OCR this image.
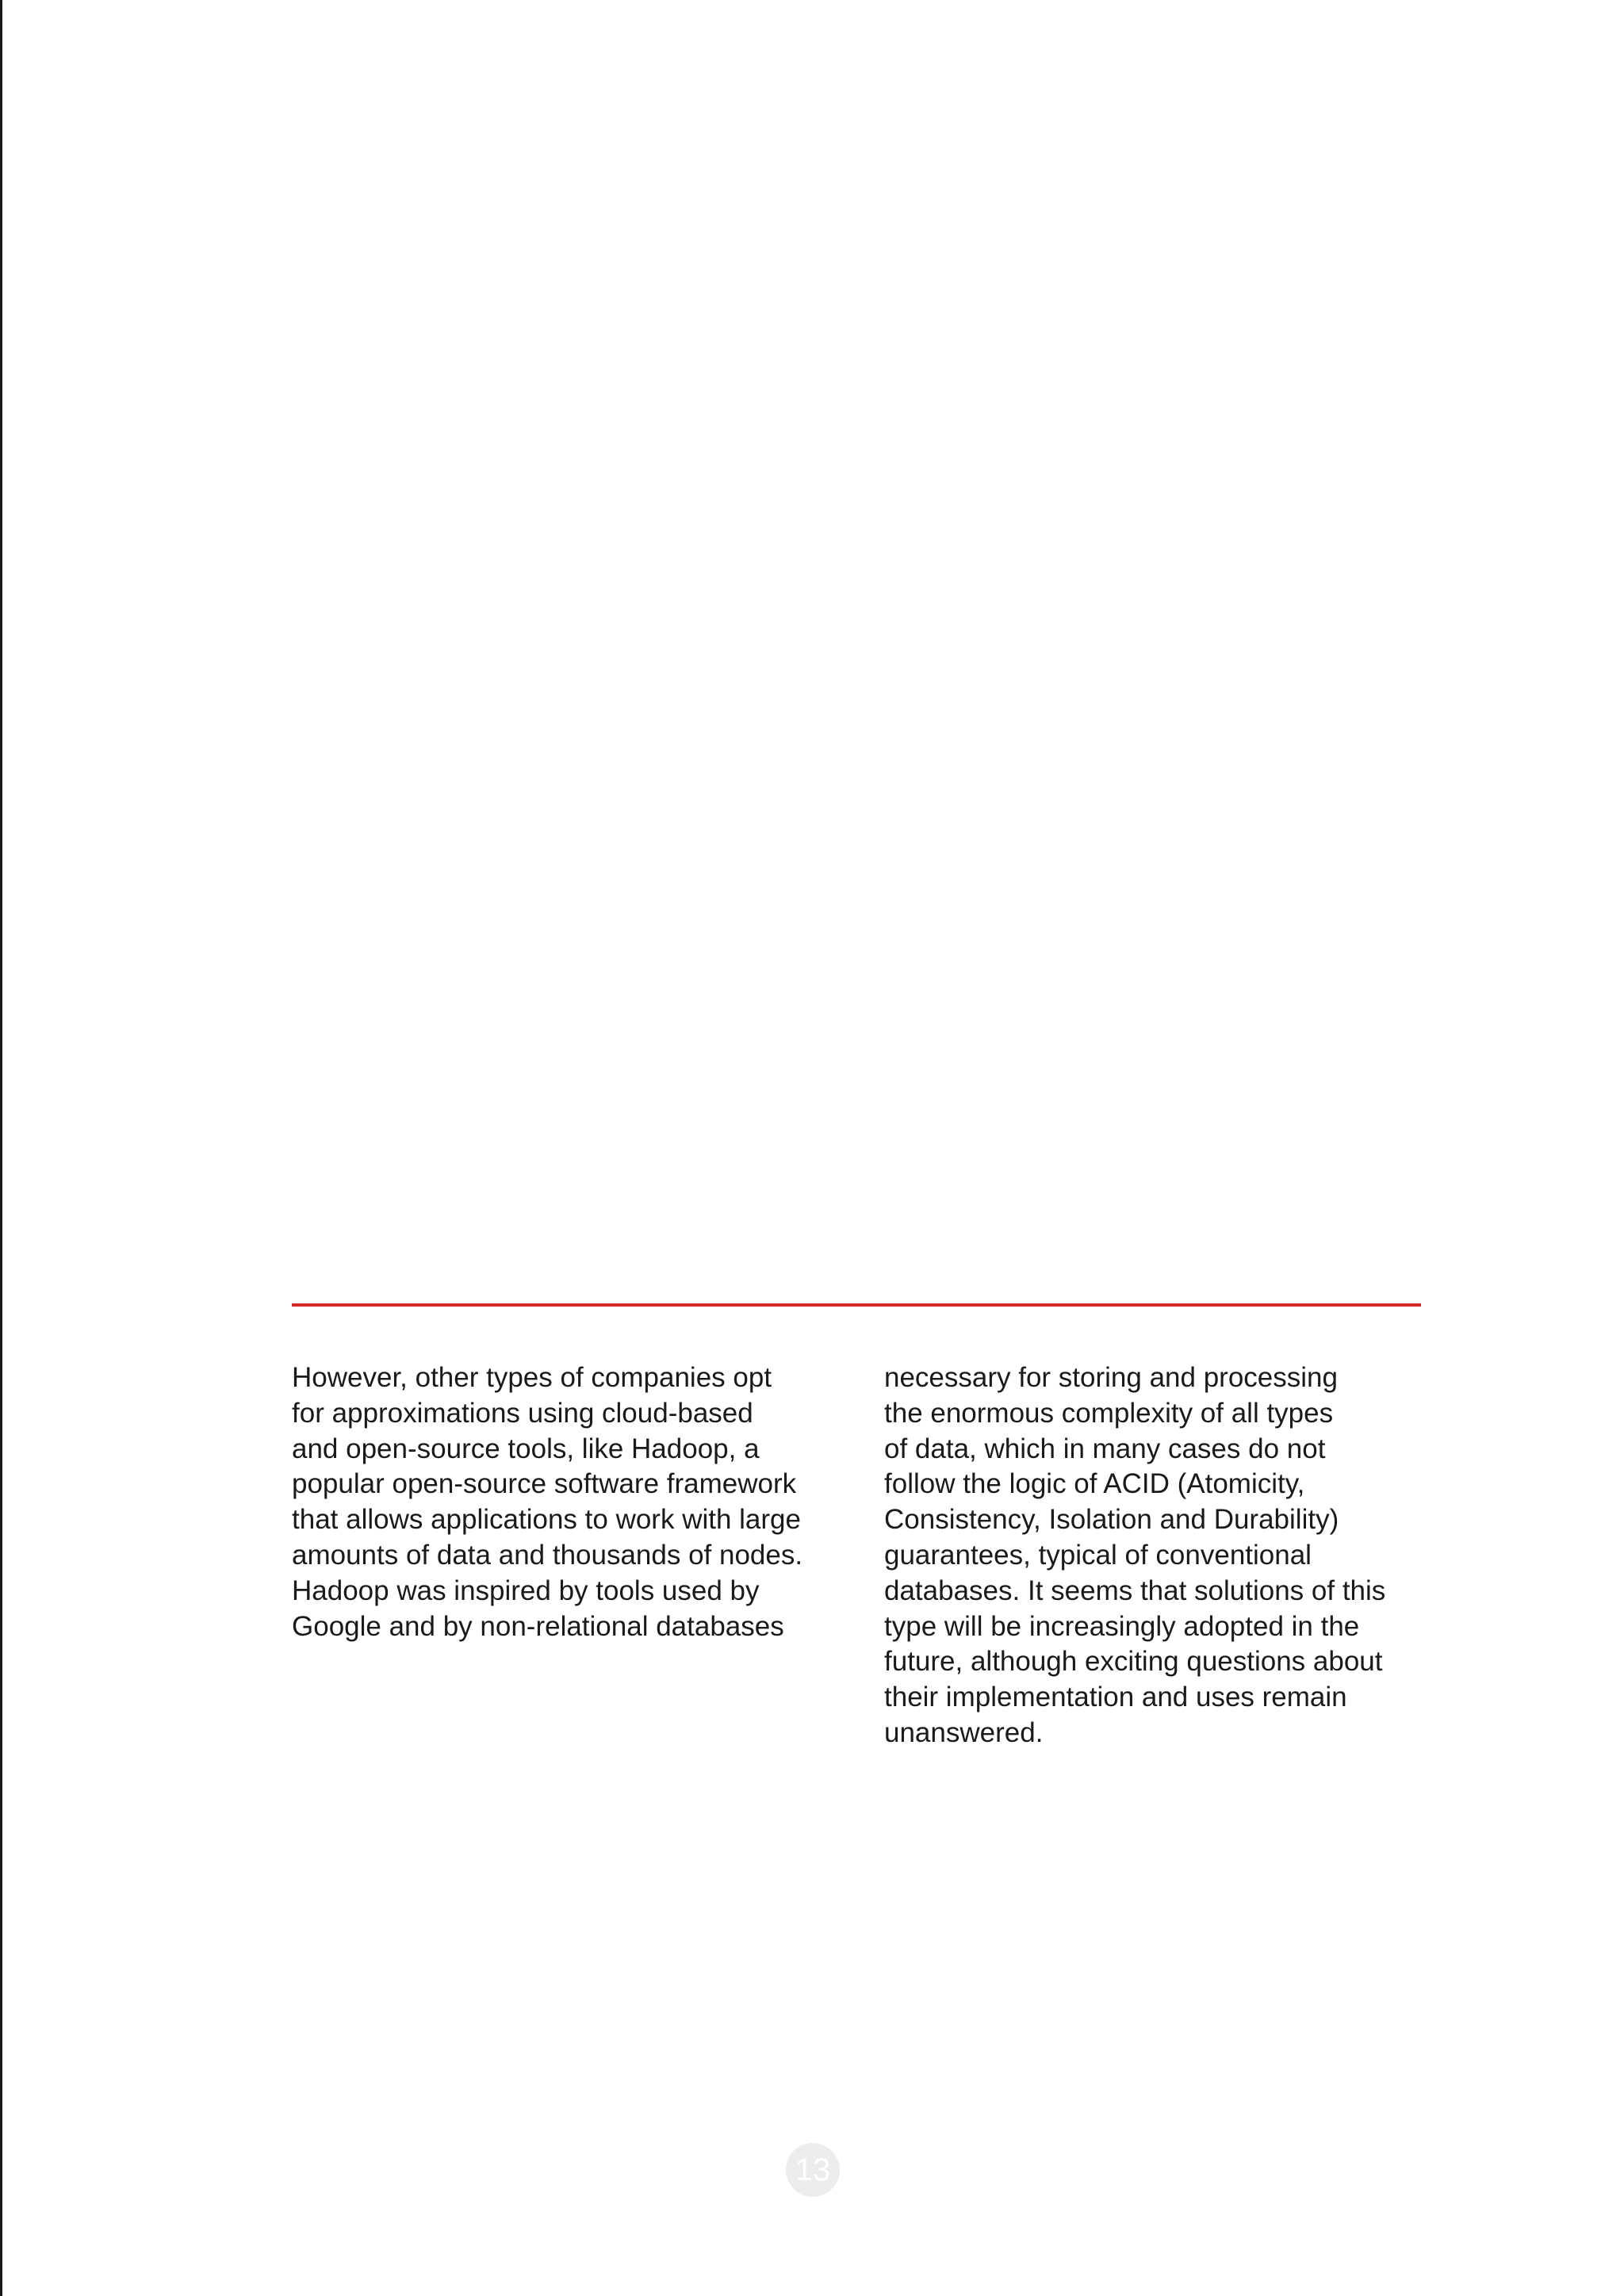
However, other types of companies opt
for approximations using cloud-based
and open-source tools, like Hadoop, a
popular open-source software framework
that allows applications to work with large
amounts of data and thousands of nodes.
Hadoop was inspired by tools used by
Google and by non-relational databases
necessary for storing and processing
the enormous complexity of all types
of data, which in many cases do not
follow the logic of ACID (Atomicity,
Consistency, Isolation and Durability)
guarantees, typical of conventional
databases. It seems that solutions of this
type will be increasingly adopted in the
future, although exciting questions about
their implementation and uses remain
unanswered.
13
